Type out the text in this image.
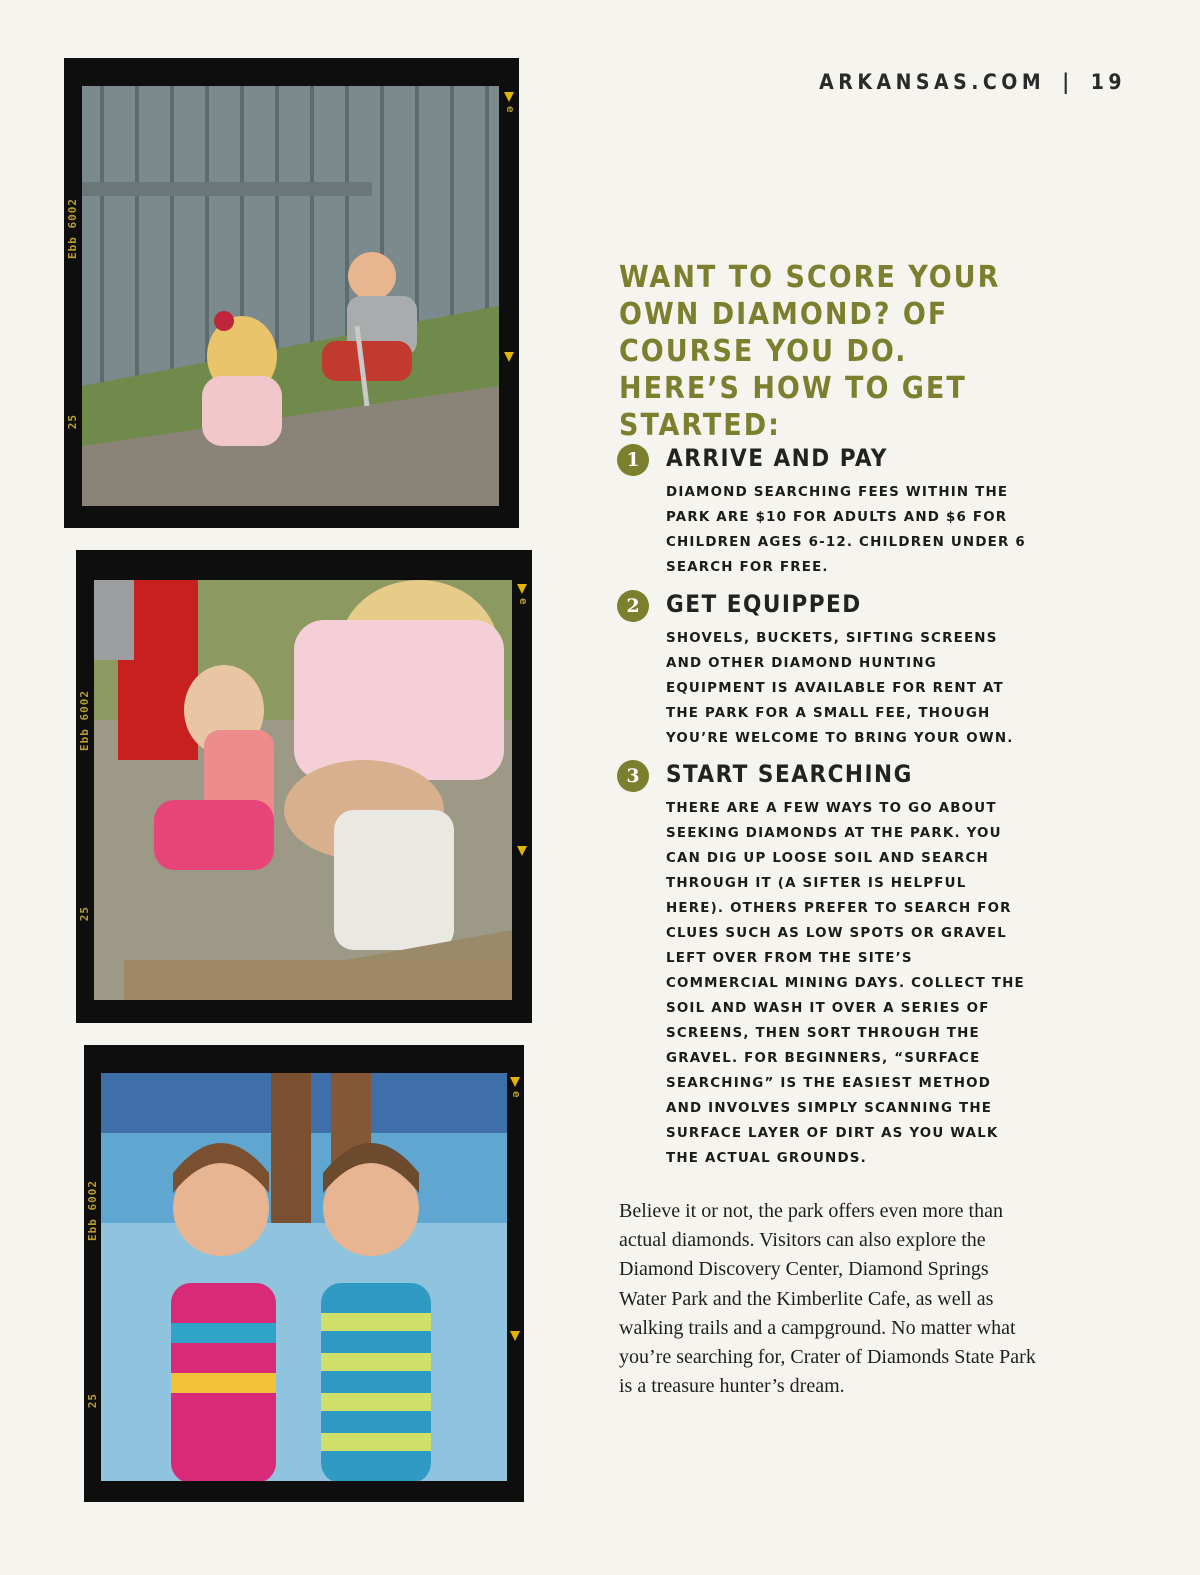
ARKANSAS.COM | 19
Ebb 6002
25
e
Ebb 6002
25
e
Ebb 6002
25
e
WANT TO SCORE YOUR OWN DIAMOND? OF COURSE YOU DO. HERE’S HOW TO GET STARTED:
1	ARRIVE AND PAY
DIAMOND SEARCHING FEES WITHIN THE PARK ARE $10 FOR ADULTS AND $6 FOR CHILDREN AGES 6-12. CHILDREN UNDER 6 SEARCH FOR FREE.
2	GET EQUIPPED
SHOVELS, BUCKETS, SIFTING SCREENS AND OTHER DIAMOND HUNTING EQUIPMENT IS AVAILABLE FOR RENT AT THE PARK FOR A SMALL FEE, THOUGH YOU’RE WELCOME TO BRING YOUR OWN.
3	START SEARCHING
THERE ARE A FEW WAYS TO GO ABOUT SEEKING DIAMONDS AT THE PARK. YOU CAN DIG UP LOOSE SOIL AND SEARCH THROUGH IT (A SIFTER IS HELPFUL HERE). OTHERS PREFER TO SEARCH FOR CLUES SUCH AS LOW SPOTS OR GRAVEL LEFT OVER FROM THE SITE’S COMMERCIAL MINING DAYS. COLLECT THE SOIL AND WASH IT OVER A SERIES OF SCREENS, THEN SORT THROUGH THE GRAVEL. FOR BEGINNERS, “SURFACE SEARCHING” IS THE EASIEST METHOD AND INVOLVES SIMPLY SCANNING THE SURFACE LAYER OF DIRT AS YOU WALK THE ACTUAL GROUNDS.

Believe it or not, the park offers even more than actual diamonds. Visitors can also explore the Diamond Discovery Center, Diamond Springs Water Park and the Kimberlite Cafe, as well as walking trails and a campground. No matter what you’re searching for, Crater of Diamonds State Park is a treasure hunter’s dream.
